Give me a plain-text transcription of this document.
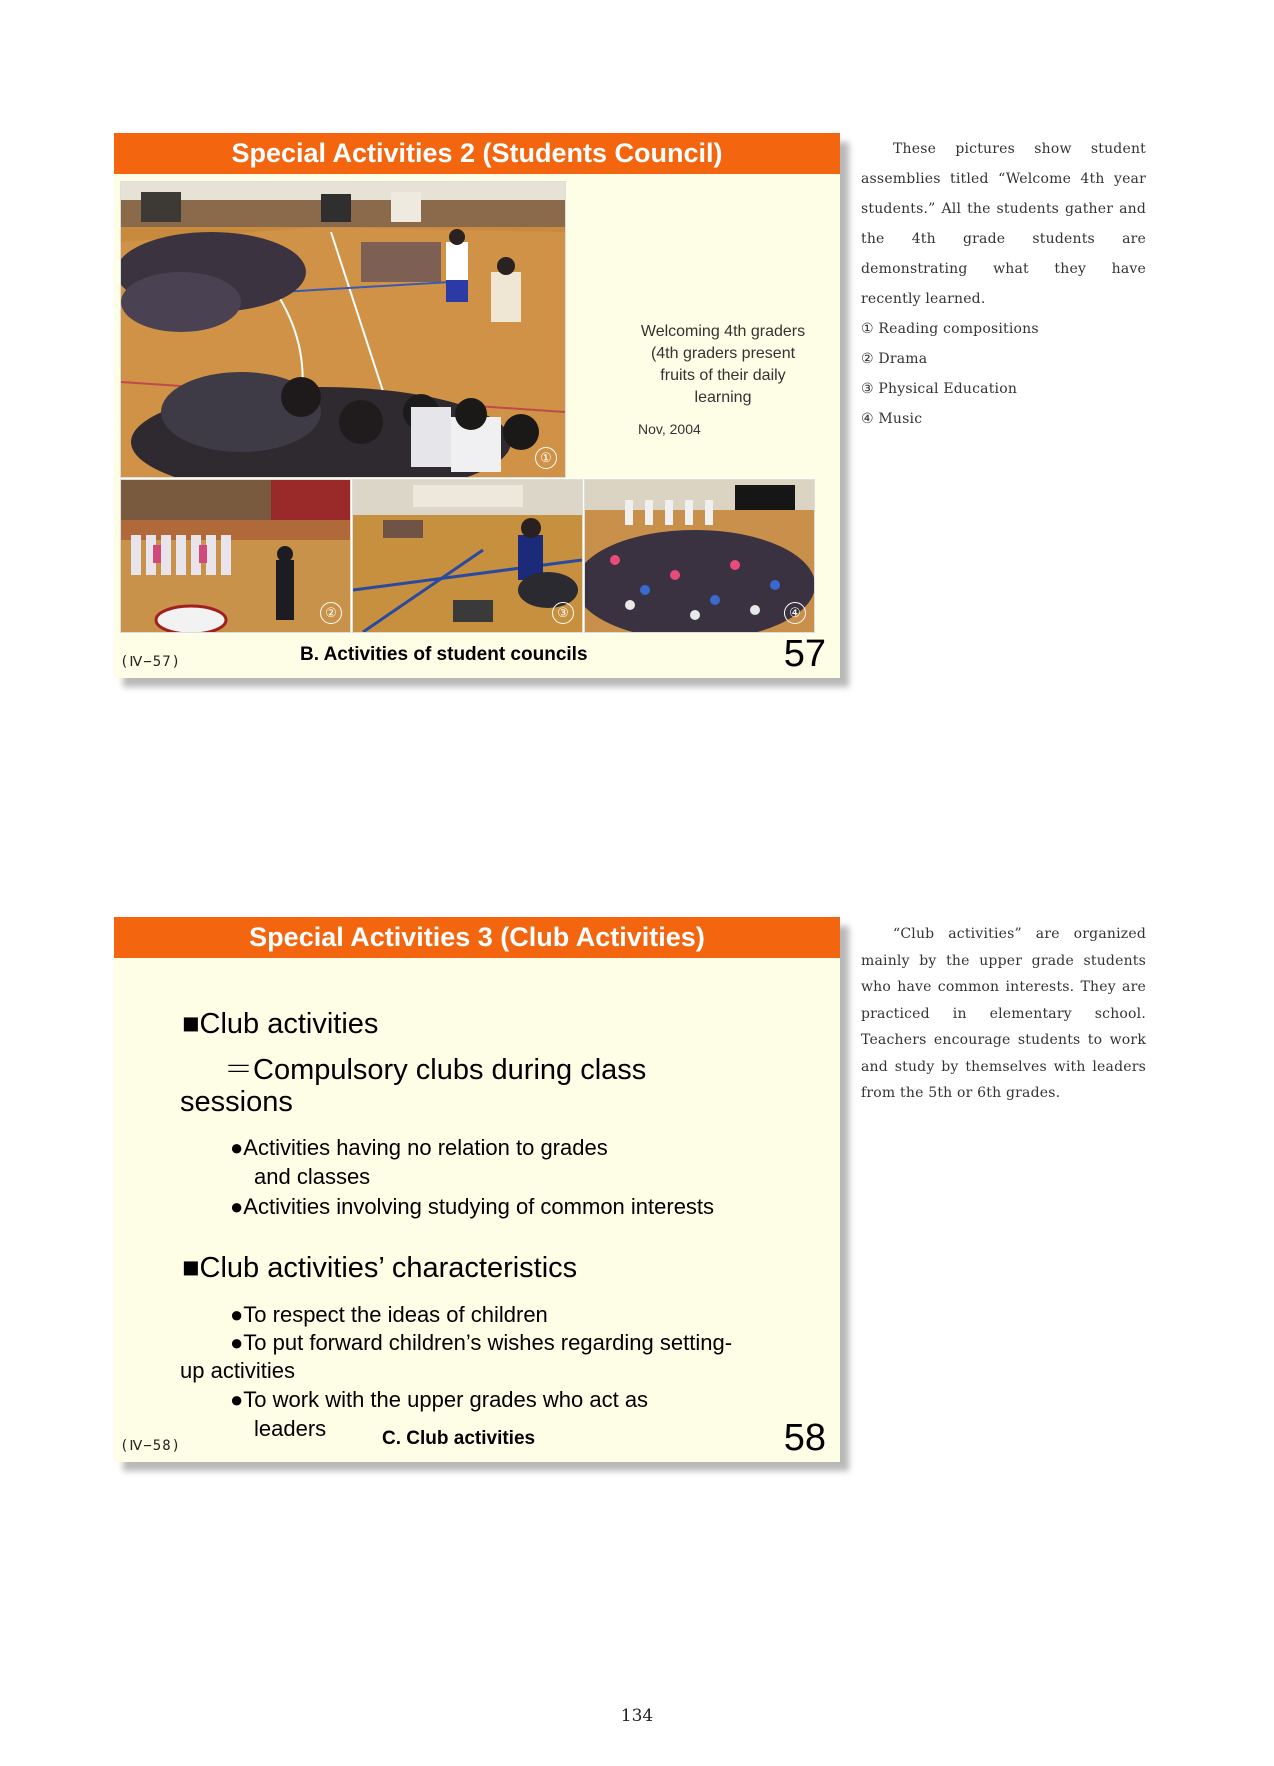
Special Activities 2 (Students Council)
①
Welcoming 4th graders
(4th graders present
fruits of their daily
learning
Nov, 2004
②	③	④
(Ⅳ−57)	B. Activities of student councils	57

These pictures show student assemblies titled “Welcome 4th year students.” All the students gather and the 4th grade students are demonstrating what they have recently learned.

① Reading compositions

② Drama

③ Physical Education

④ Music

Special Activities 3 (Club Activities)
■Club activities
＝Compulsory clubs during class
sessions
●Activities having no relation to grades
and classes
●Activities involving studying of common interests
■Club activities’ characteristics
●To respect the ideas of children
●To put forward children’s wishes regarding setting-
up activities
●To work with the upper grades who act as
leaders
(Ⅳ−58)	C. Club activities	58

“Club activities” are organized mainly by the upper grade students who have common interests. They are practiced in elementary school. Teachers encourage students to work and study by themselves with leaders from the 5th or 6th grades.

134
